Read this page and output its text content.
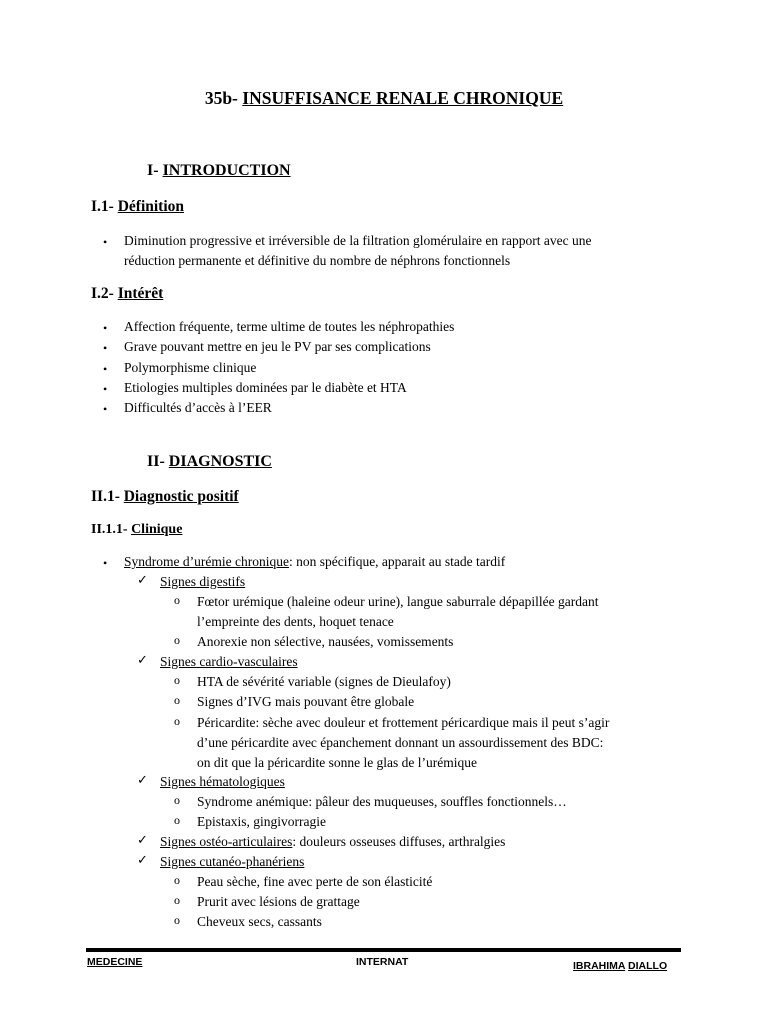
35b- INSUFFISANCE RENALE CHRONIQUE
I- INTRODUCTION
I.1- Définition
• Diminution progressive et irréversible de la filtration glomérulaire en rapport avec une
réduction permanente et définitive du nombre de néphrons fonctionnels
I.2- Intérêt
• Affection fréquente, terme ultime de toutes les néphropathies
• Grave pouvant mettre en jeu le PV par ses complications
• Polymorphisme clinique
• Etiologies multiples dominées par le diabète et HTA
• Difficultés d’accès à l’EER
II- DIAGNOSTIC
II.1- Diagnostic positif
II.1.1- Clinique
• Syndrome d’urémie chronique: non spécifique, apparait au stade tardif
✓ Signes digestifs
o Fœtor urémique (haleine odeur urine), langue saburrale dépapillée gardant
l’empreinte des dents, hoquet tenace
o Anorexie non sélective, nausées, vomissements
✓ Signes cardio-vasculaires
o HTA de sévérité variable (signes de Dieulafoy)
o Signes d’IVG mais pouvant être globale
o Péricardite: sèche avec douleur et frottement péricardique mais il peut s’agir
d’une péricardite avec épanchement donnant un assourdissement des BDC:
on dit que la péricardite sonne le glas de l’urémique
✓ Signes hématologiques
o Syndrome anémique: pâleur des muqueuses, souffles fonctionnels…
o Epistaxis, gingivorragie
✓ Signes ostéo-articulaires: douleurs osseuses diffuses, arthralgies
✓ Signes cutanéo-phanériens
o Peau sèche, fine avec perte de son élasticité
o Prurit avec lésions de grattage
o Cheveux secs, cassants
MEDECINE	INTERNAT	IBRAHIMA DIALLO
